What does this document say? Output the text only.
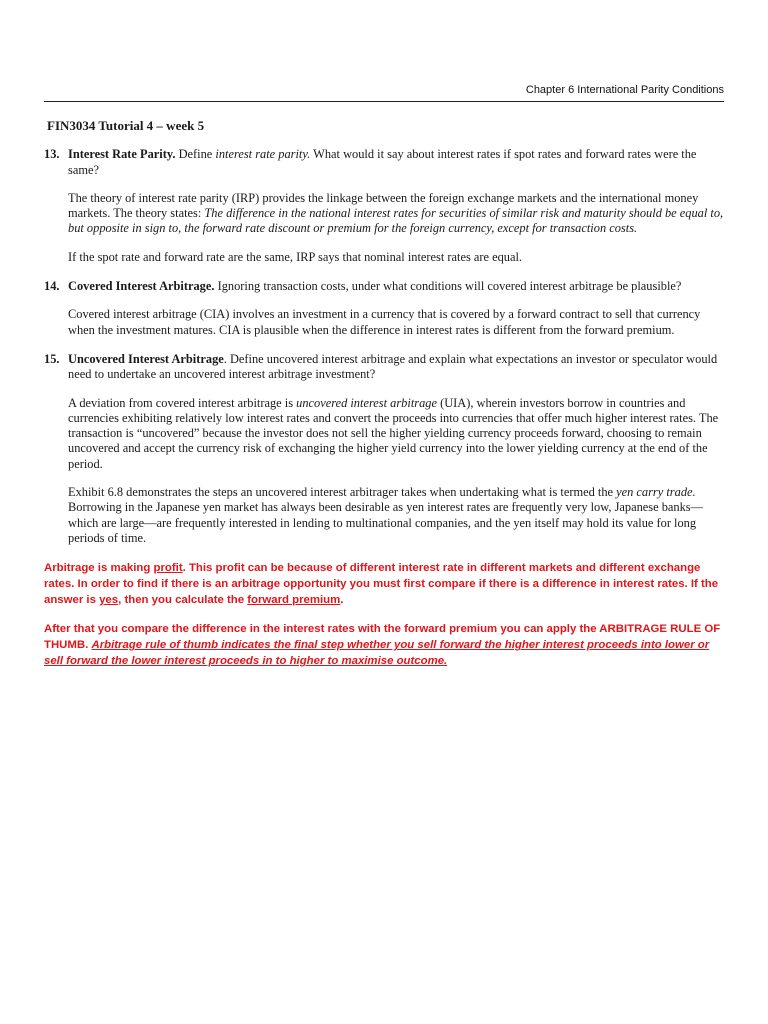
Chapter 6 International Parity Conditions
FIN3034 Tutorial 4 – week 5
13. Interest Rate Parity. Define interest rate parity. What would it say about interest rates if spot rates and forward rates were the same?

The theory of interest rate parity (IRP) provides the linkage between the foreign exchange markets and the international money markets. The theory states: The difference in the national interest rates for securities of similar risk and maturity should be equal to, but opposite in sign to, the forward rate discount or premium for the foreign currency, except for transaction costs.

If the spot rate and forward rate are the same, IRP says that nominal interest rates are equal.

14. Covered Interest Arbitrage. Ignoring transaction costs, under what conditions will covered interest arbitrage be plausible?

Covered interest arbitrage (CIA) involves an investment in a currency that is covered by a forward contract to sell that currency when the investment matures. CIA is plausible when the difference in interest rates is different from the forward premium.

15. Uncovered Interest Arbitrage. Define uncovered interest arbitrage and explain what expectations an investor or speculator would need to undertake an uncovered interest arbitrage investment?

A deviation from covered interest arbitrage is uncovered interest arbitrage (UIA), wherein investors borrow in countries and currencies exhibiting relatively low interest rates and convert the proceeds into currencies that offer much higher interest rates. The transaction is “uncovered” because the investor does not sell the higher yielding currency proceeds forward, choosing to remain uncovered and accept the currency risk of exchanging the higher yield currency into the lower yielding currency at the end of the period.

Exhibit 6.8 demonstrates the steps an uncovered interest arbitrager takes when undertaking what is termed the yen carry trade. Borrowing in the Japanese yen market has always been desirable as yen interest rates are frequently very low, Japanese banks— which are large—are frequently interested in lending to multinational companies, and the yen itself may hold its value for long periods of time.

Arbitrage is making profit. This profit can be because of different interest rate in different markets and different exchange rates. In order to find if there is an arbitrage opportunity you must first compare if there is a difference in interest rates. If the answer is yes, then you calculate the forward premium.

After that you compare the difference in the interest rates with the forward premium you can apply the ARBITRAGE RULE OF THUMB. Arbitrage rule of thumb indicates the final step whether you sell forward the higher interest proceeds into lower or sell forward the lower interest proceeds in to higher to maximise outcome.
